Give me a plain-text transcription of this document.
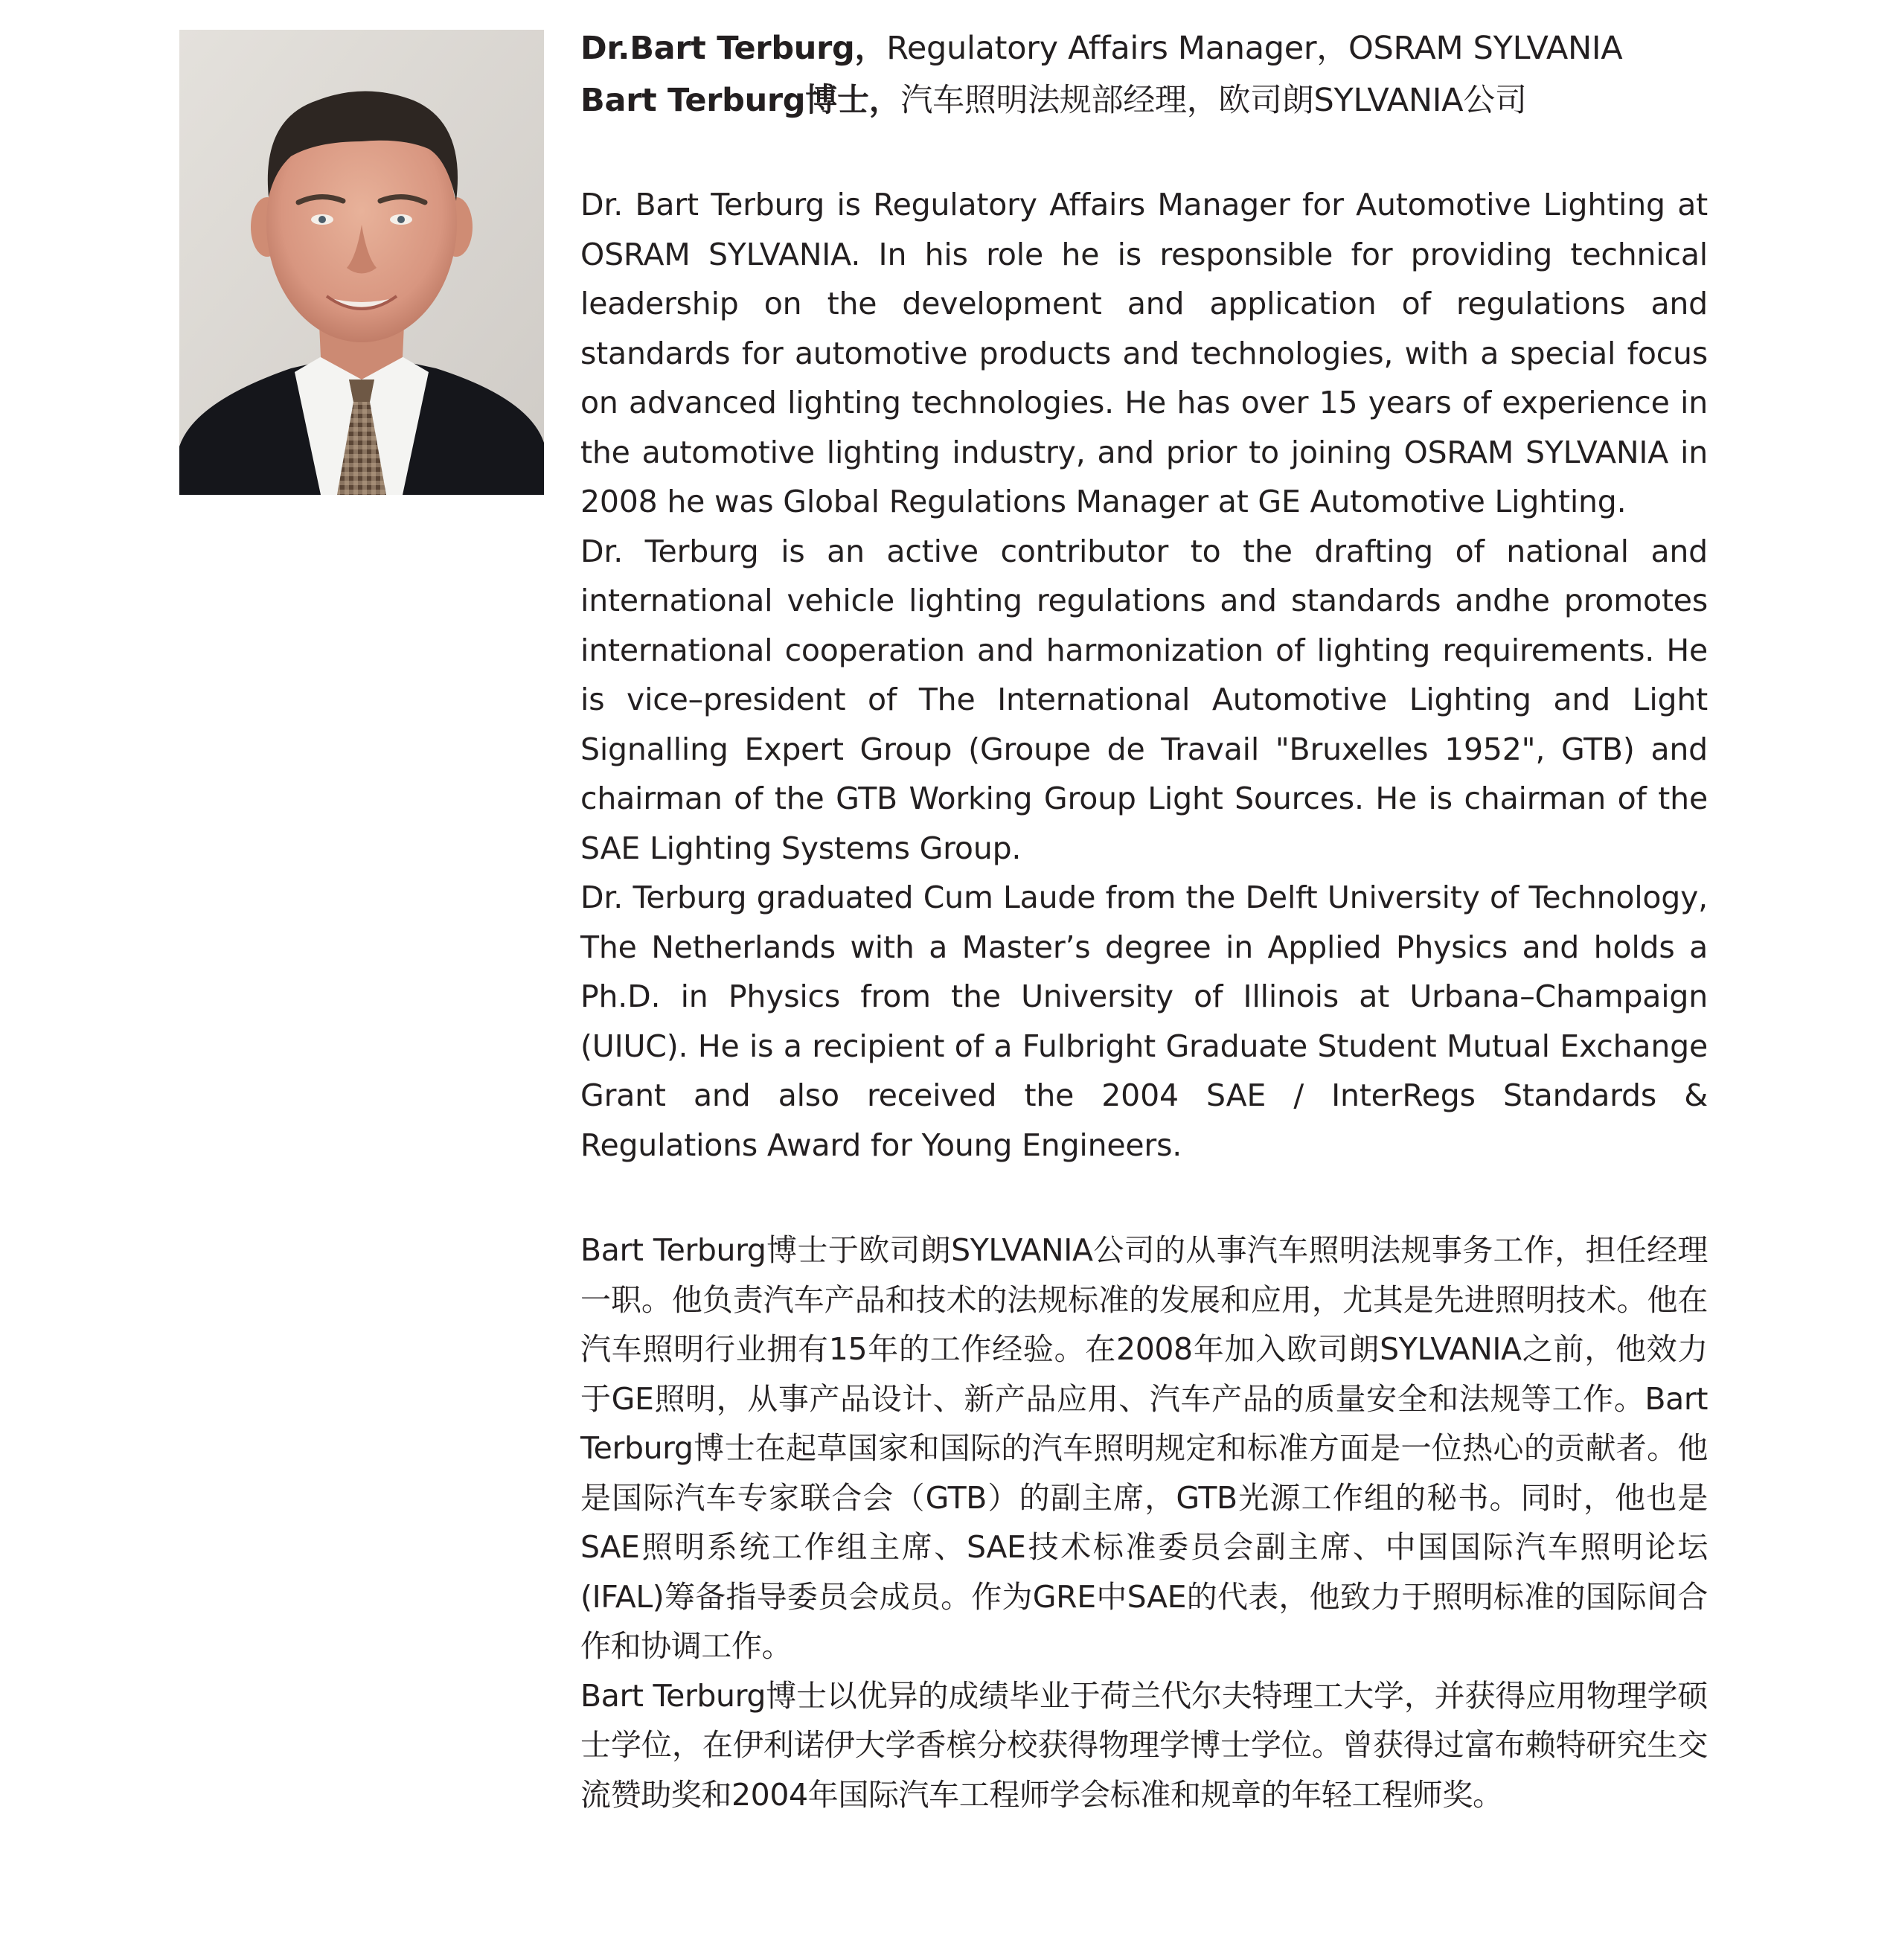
Dr.Bart Terburg，Regulatory Affairs Manager，OSRAM SYLVANIA

Bart Terburg博士，汽车照明法规部经理，欧司朗SYLVANIA公司

Dr. Bart Terburg is Regulatory Affairs Manager for Automotive Lighting at OSRAM SYLVANIA. In his role he is responsible for providing technical leadership on the development and application of regulations and standards for automotive products and technologies, with a special focus on advanced lighting technologies. He has over 15 years of experience in the automotive lighting industry, and prior to joining OSRAM SYLVANIA in 2008 he was Global Regulations Manager at GE Automotive Lighting.

Dr. Terburg is an active contributor to the drafting of national and international vehicle lighting regulations and standards andhe promotes international cooperation and harmonization of lighting requirements. He is vice–president of The International Automotive Lighting and Light Signalling Expert Group (Groupe de Travail "Bruxelles 1952", GTB) and chairman of the GTB Working Group Light Sources. He is chairman of the SAE Lighting Systems Group.

Dr. Terburg graduated Cum Laude from the Delft University of Technology, The Netherlands with a Master’s degree in Applied Physics and holds a Ph.D. in Physics from the University of Illinois at Urbana–Champaign (UIUC). He is a recipient of a Fulbright Graduate Student Mutual Exchange Grant and also received the 2004 SAE / InterRegs Standards & Regulations Award for Young Engineers.

Bart Terburg博士于欧司朗SYLVANIA公司的从事汽车照明法规事务工作，担任经理一职。他负责汽车产品和技术的法规标准的发展和应用，尤其是先进照明技术。他在汽车照明行业拥有15年的工作经验。在2008年加入欧司朗SYLVANIA之前，他效力于GE照明，从事产品设计、新产品应用、汽车产品的质量安全和法规等工作。Bart Terburg博士在起草国家和国际的汽车照明规定和标准方面是一位热心的贡献者。他是国际汽车专家联合会（GTB）的副主席，GTB光源工作组的秘书。同时，他也是SAE照明系统工作组主席、SAE技术标准委员会副主席、中国国际汽车照明论坛 (IFAL)筹备指导委员会成员。作为GRE中SAE的代表，他致力于照明标准的国际间合作和协调工作。

Bart Terburg博士以优异的成绩毕业于荷兰代尔夫特理工大学，并获得应用物理学硕士学位，在伊利诺伊大学香槟分校获得物理学博士学位。曾获得过富布赖特研究生交流赞助奖和2004年国际汽车工程师学会标准和规章的年轻工程师奖。
